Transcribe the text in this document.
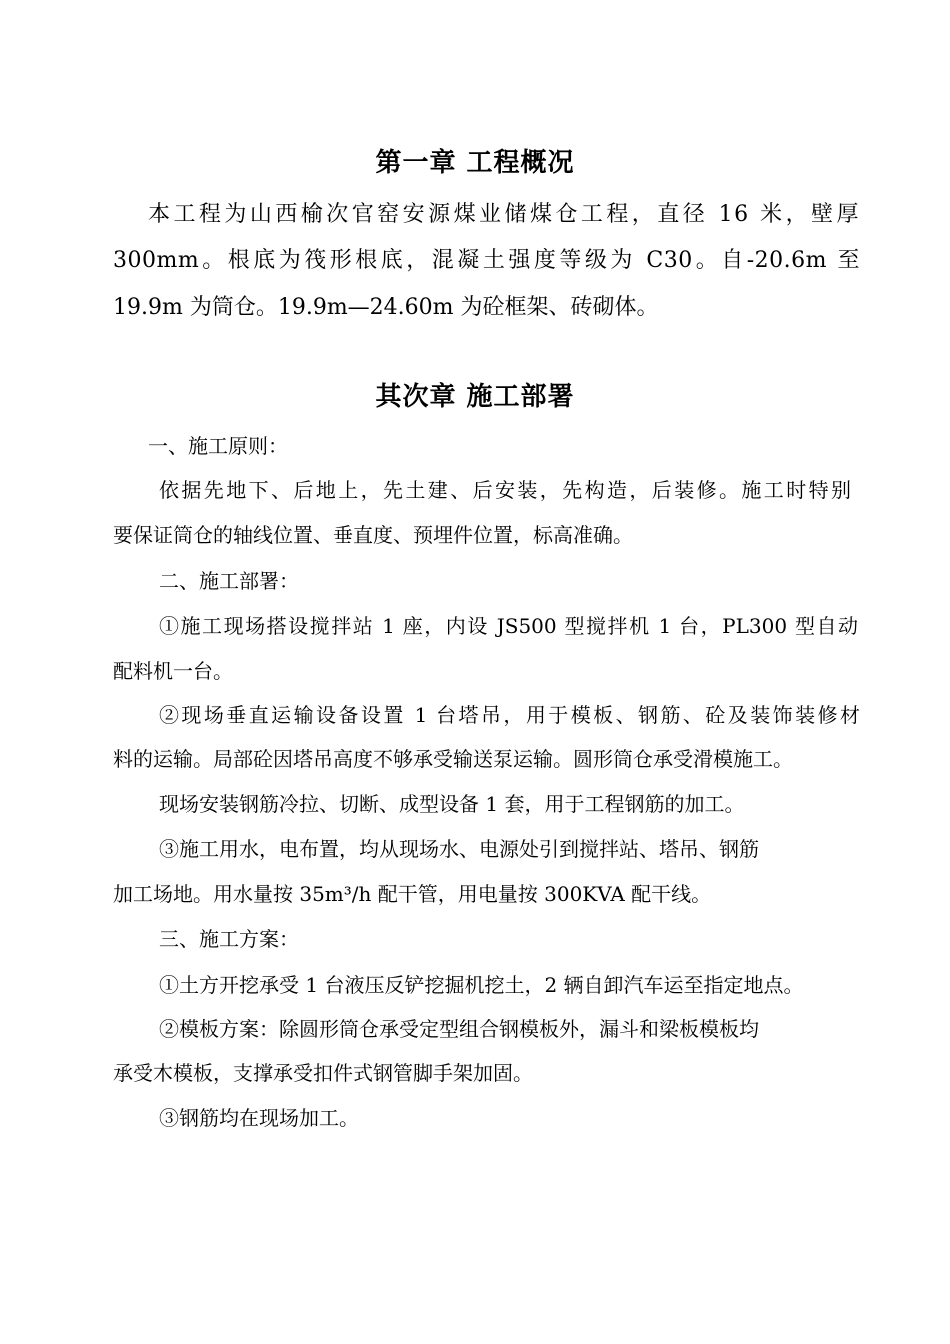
第一章 工程概况

本工程为山西榆次官窑安源煤业储煤仓工程，直径 16 米，壁厚

300mm。根底为筏形根底，混凝土强度等级为 C30。自-20.6m 至

19.9m 为筒仓。19.9m—24.60m 为砼框架、砖砌体。

其次章 施工部署

一、施工原则：

依据先地下、后地上，先土建、后安装，先构造，后装修。施工时特别

要保证筒仓的轴线位置、垂直度、预埋件位置，标高准确。

二、施工部署：

①施工现场搭设搅拌站 1 座，内设 JS500 型搅拌机 1 台，PL300 型自动

配料机一台。

②现场垂直运输设备设置 1 台塔吊，用于模板、钢筋、砼及装饰装修材

料的运输。局部砼因塔吊高度不够承受输送泵运输。圆形筒仓承受滑模施工。

现场安装钢筋冷拉、切断、成型设备 1 套，用于工程钢筋的加工。

③施工用水，电布置，均从现场水、电源处引到搅拌站、塔吊、钢筋

加工场地。用水量按 35m³/h 配干管，用电量按 300KVA 配干线。

三、施工方案：

①土方开挖承受 1 台液压反铲挖掘机挖土，2 辆自卸汽车运至指定地点。

②模板方案：除圆形筒仓承受定型组合钢模板外，漏斗和梁板模板均

承受木模板，支撑承受扣件式钢管脚手架加固。

③钢筋均在现场加工。
